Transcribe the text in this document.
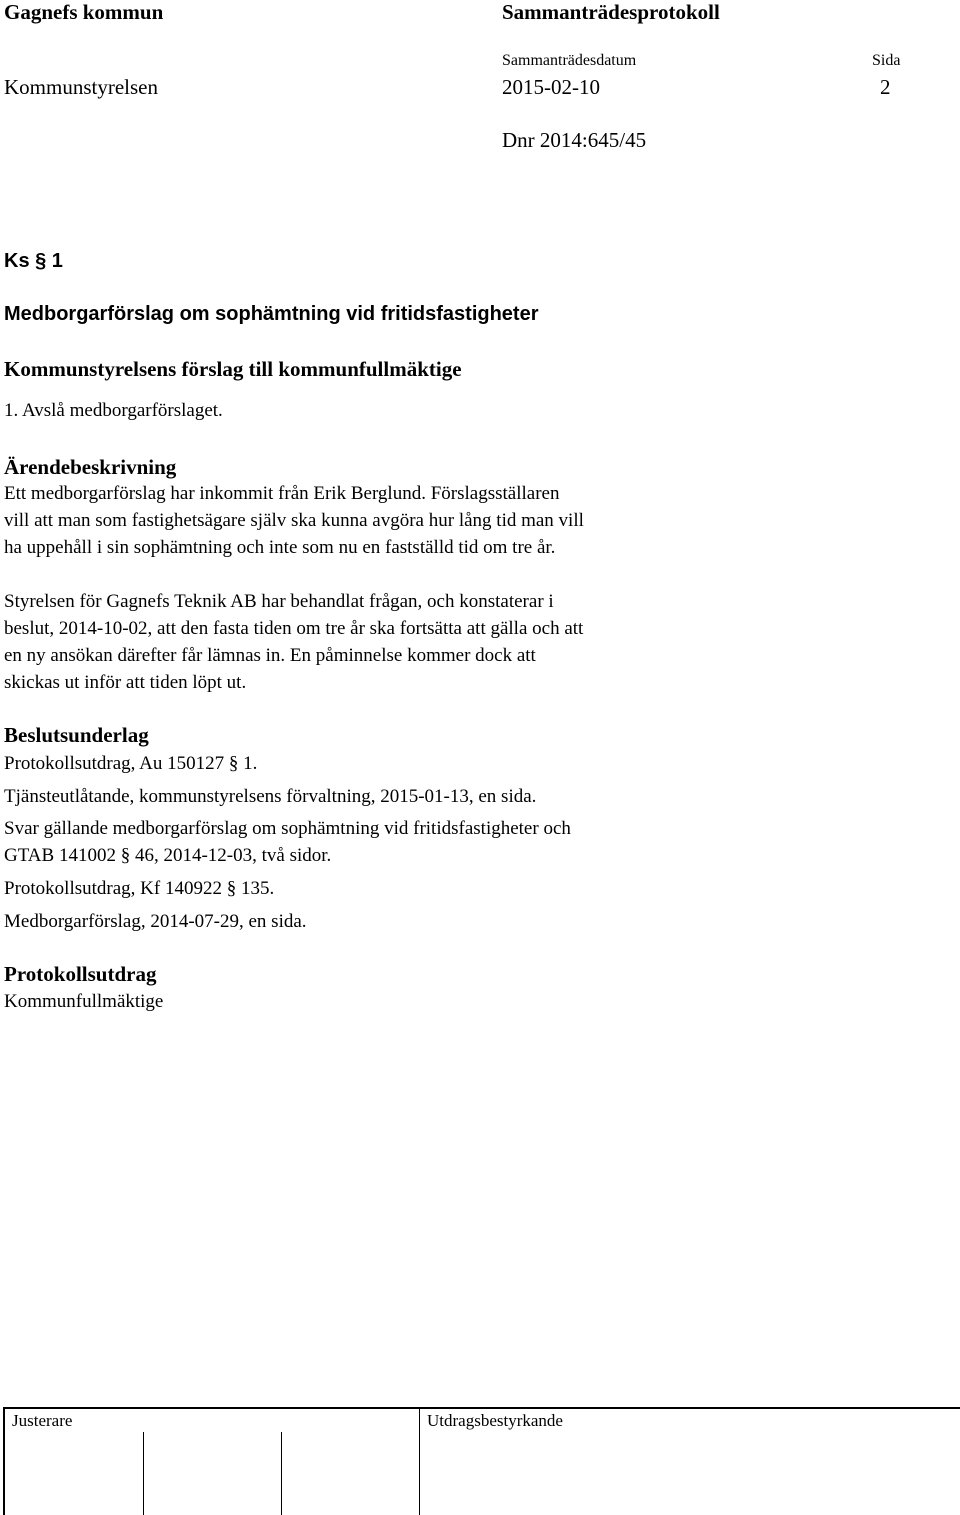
Gagnefs kommun	Sammanträdesprotokoll
Sammanträdesdatum	Sida
Kommunstyrelsen	2015-02-10	2
Dnr 2014:645/45
Ks § 1
Medborgarförslag om sophämtning vid fritidsfastigheter
Kommunstyrelsens förslag till kommunfullmäktige
1. Avslå medborgarförslaget.
Ärendebeskrivning
Ett medborgarförslag har inkommit från Erik Berglund. Förslagsställaren
vill att man som fastighetsägare själv ska kunna avgöra hur lång tid man vill
ha uppehåll i sin sophämtning och inte som nu en fastställd tid om tre år.
Styrelsen för Gagnefs Teknik AB har behandlat frågan, och konstaterar i
beslut, 2014-10-02, att den fasta tiden om tre år ska fortsätta att gälla och att
en ny ansökan därefter får lämnas in. En påminnelse kommer dock att
skickas ut inför att tiden löpt ut.
Beslutsunderlag
Protokollsutdrag, Au 150127 § 1.
Tjänsteutlåtande, kommunstyrelsens förvaltning, 2015-01-13, en sida.
Svar gällande medborgarförslag om sophämtning vid fritidsfastigheter och
GTAB 141002 § 46, 2014-12-03, två sidor.
Protokollsutdrag, Kf 140922 § 135.
Medborgarförslag, 2014-07-29, en sida.
Protokollsutdrag
Kommunfullmäktige
Justerare	Utdragsbestyrkande
